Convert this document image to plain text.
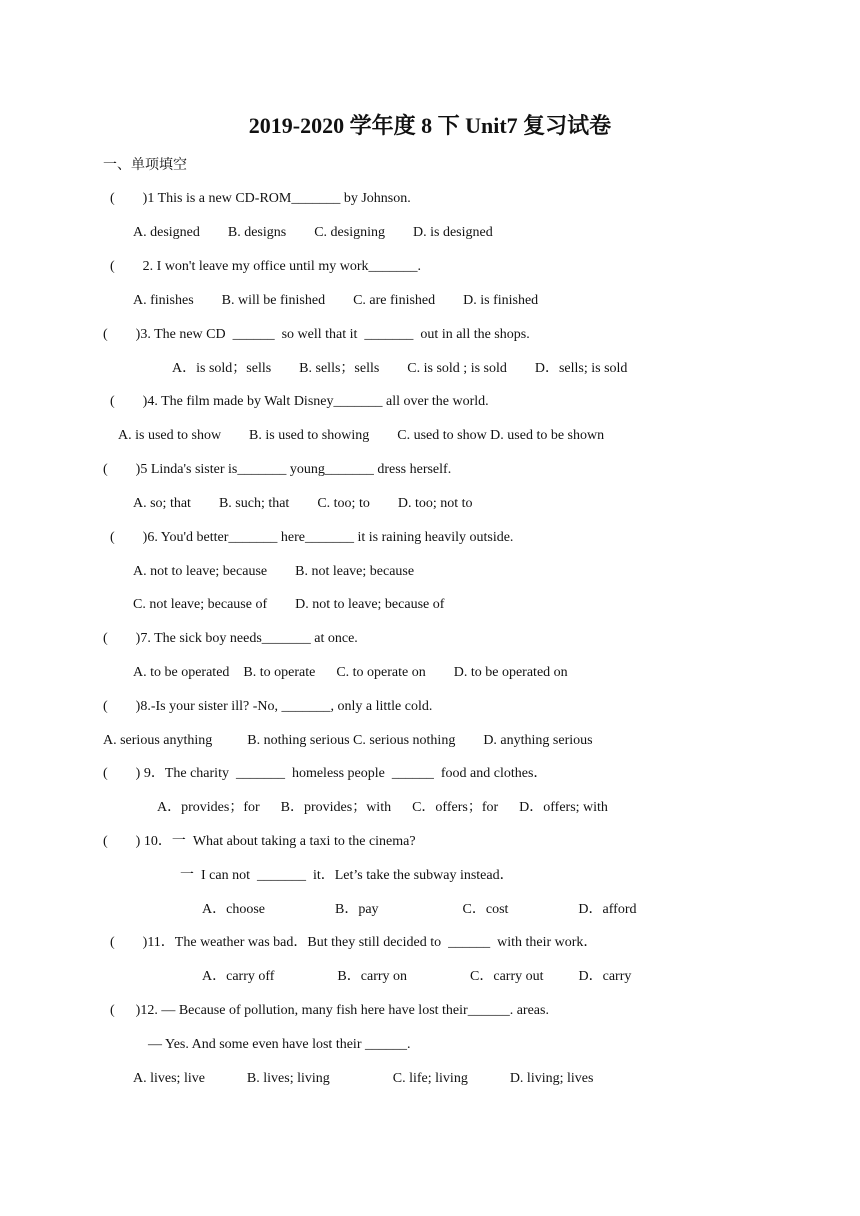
2019-2020 学年度 8 下 Unit7 复习试卷
一、单项填空
(        )1 This is a new CD-ROM_______ by Johnson.
A. designed        B. designs        C. designing        D. is designed
(        2. I won't leave my office until my work_______.
A. finishes        B. will be finished        C. are finished        D. is finished
(        )3. The new CD  ______  so well that it  _______  out in all the shops.
A．is sold；sells        B. sells；sells        C. is sold ; is sold        D．sells; is sold
(        )4. The film made by Walt Disney_______ all over the world.
A. is used to show        B. is used to showing        C. used to show D. used to be shown
(        )5 Linda's sister is_______ young_______ dress herself.
A. so; that        B. such; that        C. too; to        D. too; not to
(        )6. You'd better_______ here_______ it is raining heavily outside.
A. not to leave; because        B. not leave; because
C. not leave; because of        D. not to leave; because of
(        )7. The sick boy needs_______ at once.
A. to be operated    B. to operate      C. to operate on        D. to be operated on
(        )8.-Is your sister ill? -No, _______, only a little cold.
A. serious anything          B. nothing serious C. serious nothing        D. anything serious
(        ) 9．The charity  _______  homeless people  ______  food and clothes．
A．provides；for      B．provides；with      C．offers；for      D．offers; with
(        ) 10．一  What about taking a taxi to the cinema?
一  I can not  _______  it．Let’s take the subway instead．
A．choose                    B．pay                        C．cost                    D．afford
(        )11．The weather was bad．But they still decided to  ______  with their work．
A．carry off                  B．carry on                  C．carry out          D．carry
(      )12. — Because of pollution, many fish here have lost their______. areas.
— Yes. And some even have lost their ______.
A. lives; live            B. lives; living                  C. life; living            D. living; lives
